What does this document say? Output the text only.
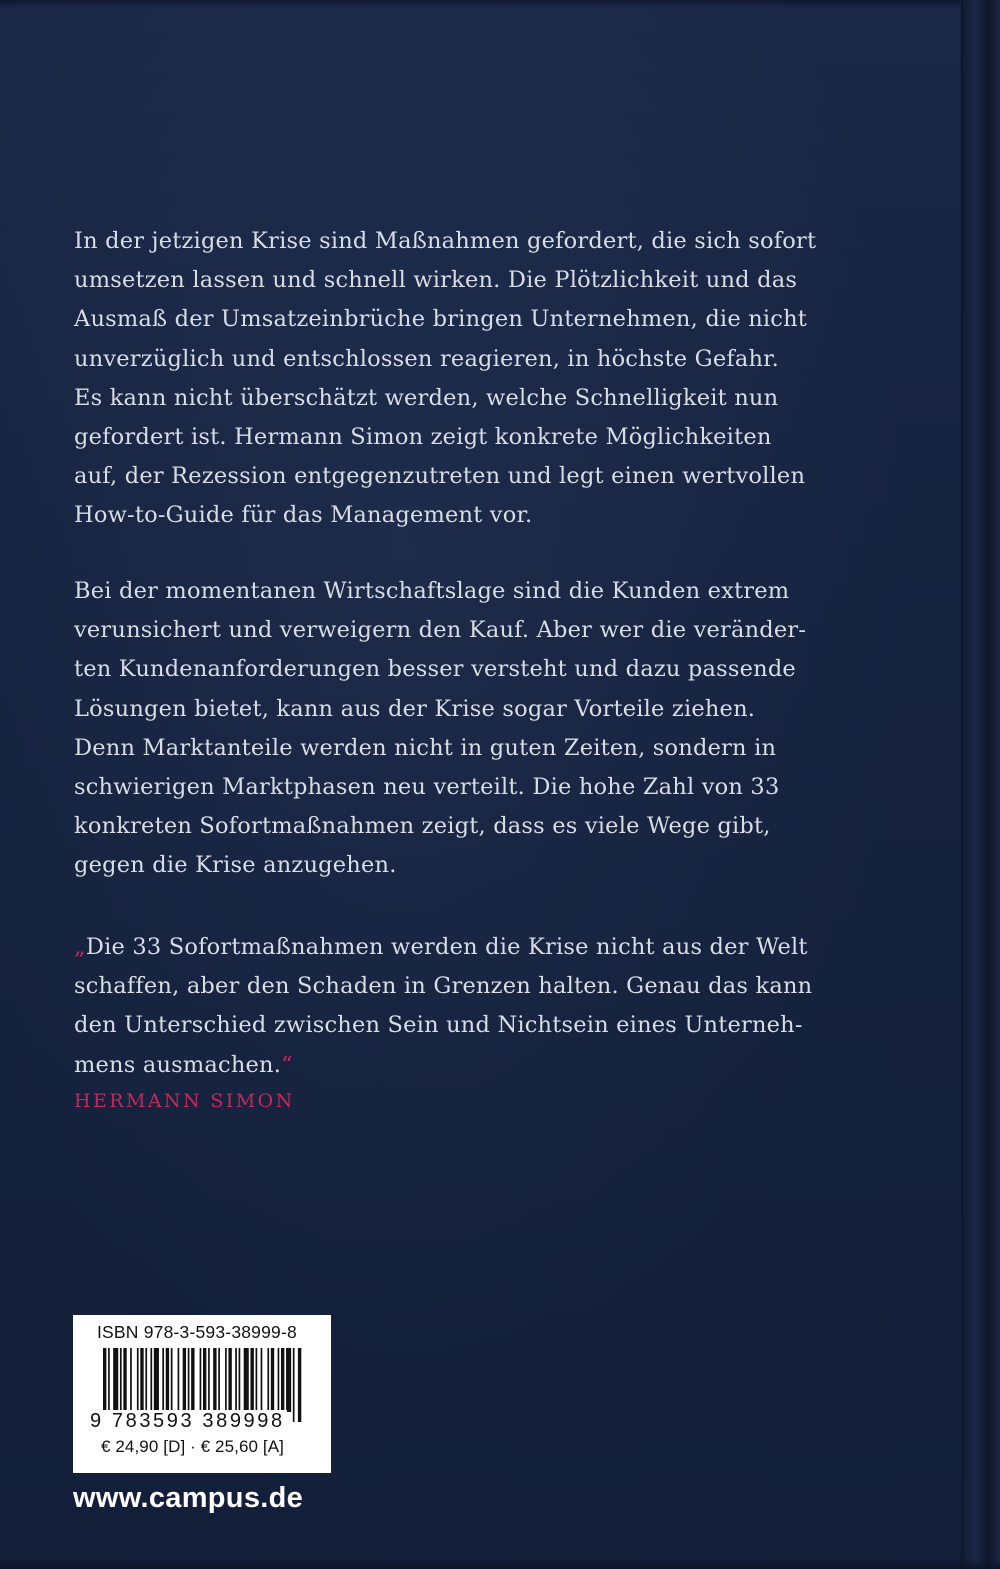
In der jetzigen Krise sind Maßnahmen gefordert, die sich sofort
umsetzen lassen und schnell wirken. Die Plötzlichkeit und das
Ausmaß der Umsatzeinbrüche bringen Unternehmen, die nicht
unverzüglich und entschlossen reagieren, in höchste Gefahr.
Es kann nicht überschätzt werden, welche Schnelligkeit nun
gefordert ist. Hermann Simon zeigt konkrete Möglichkeiten
auf, der Rezession entgegenzutreten und legt einen wertvollen
How-to-Guide für das Management vor.
Bei der momentanen Wirtschaftslage sind die Kunden extrem
verunsichert und verweigern den Kauf. Aber wer die veränder-
ten Kundenanforderungen besser versteht und dazu passende
Lösungen bietet, kann aus der Krise sogar Vorteile ziehen.
Denn Marktanteile werden nicht in guten Zeiten, sondern in
schwierigen Marktphasen neu verteilt. Die hohe Zahl von 33
konkreten Sofortmaßnahmen zeigt, dass es viele Wege gibt,
gegen die Krise anzugehen.
„Die 33 Sofortmaßnahmen werden die Krise nicht aus der Welt
schaffen, aber den Schaden in Grenzen halten. Genau das kann
den Unterschied zwischen Sein und Nichtsein eines Unterneh-
mens ausmachen.“
HERMANN SIMON
ISBN 978-3-593-38999-8
9 783593 389998
€ 24,90 [D] · € 25,60 [A]
www.campus.de
